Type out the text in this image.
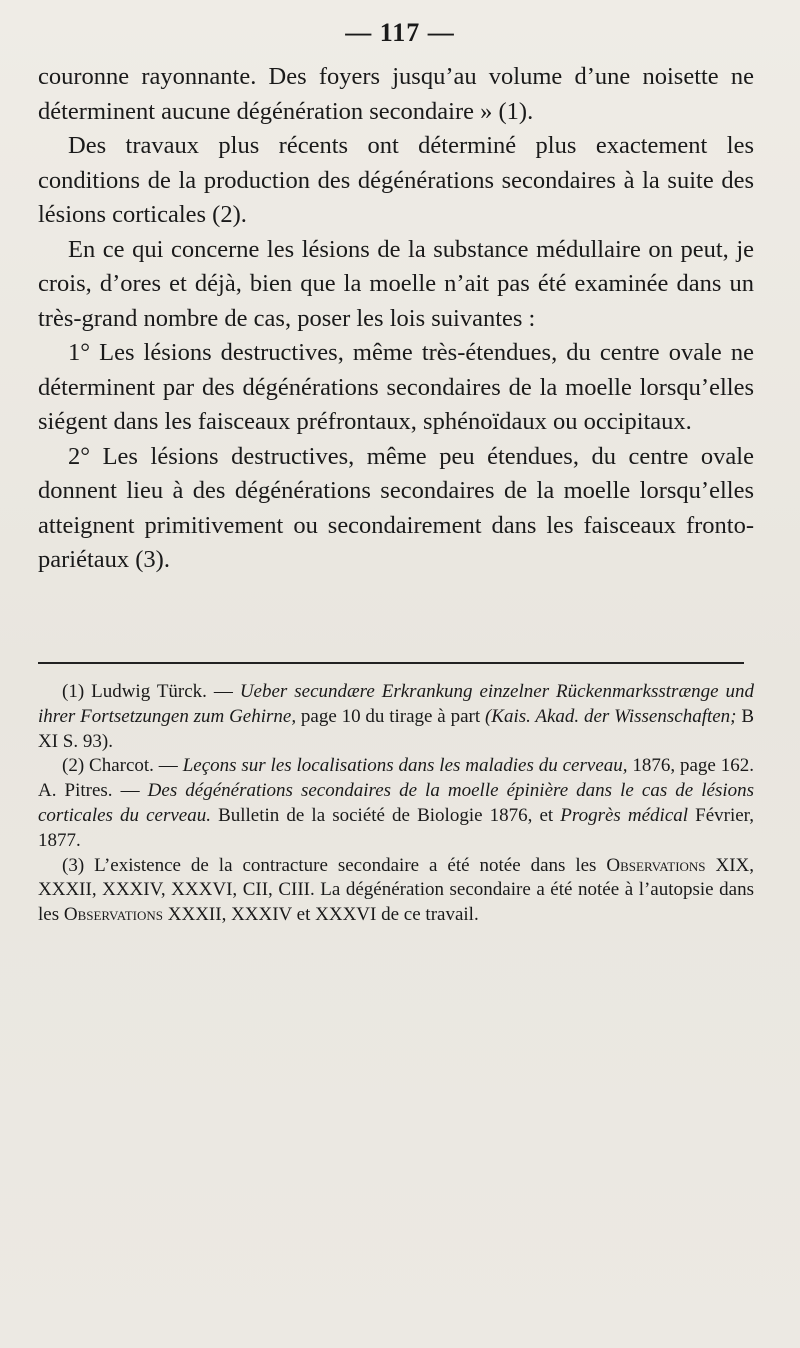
— 117 —

couronne rayonnante. Des foyers jusqu’au volume d’une noisette ne déterminent aucune dégénération secondaire » (1).

Des travaux plus récents ont déterminé plus exactement les conditions de la production des dégénérations secondaires à la suite des lésions corticales (2).

En ce qui concerne les lésions de la substance médullaire on peut, je crois, d’ores et déjà, bien que la moelle n’ait pas été examinée dans un très-grand nombre de cas, poser les lois suivantes :

1° Les lésions destructives, même très-étendues, du centre ovale ne déterminent par des dégénérations secondaires de la moelle lorsqu’elles siégent dans les faisceaux préfrontaux, sphénoïdaux ou occipitaux.

2° Les lésions destructives, même peu étendues, du centre ovale donnent lieu à des dégénérations secondaires de la moelle lorsqu’elles atteignent primitivement ou secondairement dans les faisceaux fronto-pariétaux (3).

(1) Ludwig Türck. — Ueber secundære Erkrankung einzelner Rückenmarksstrænge und ihrer Fortsetzungen zum Gehirne, page 10 du tirage à part (Kais. Akad. der Wissenschaften; B XI S. 93).

(2) Charcot. — Leçons sur les localisations dans les maladies du cerveau, 1876, page 162. A. Pitres. — Des dégénérations secondaires de la moelle épinière dans le cas de lésions corticales du cerveau. Bulletin de la société de Biologie 1876, et Progrès médical Février, 1877.

(3) L’existence de la contracture secondaire a été notée dans les Observations XIX, XXXII, XXXIV, XXXVI, CII, CIII. La dégénération secondaire a été notée à l’autopsie dans les Observations XXXII, XXXIV et XXXVI de ce travail.
